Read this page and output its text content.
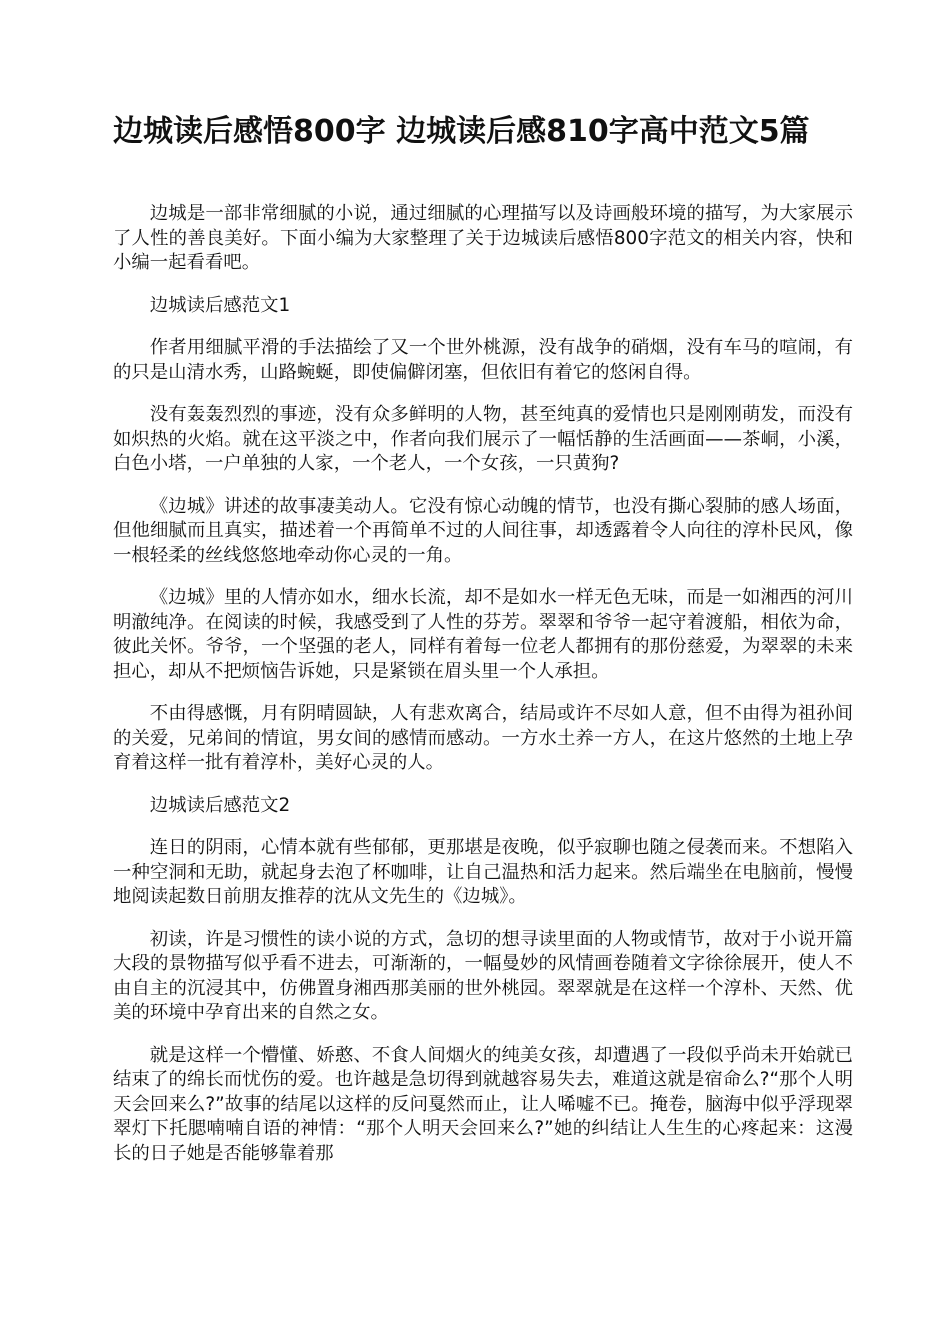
边城读后感悟800字 边城读后感810字高中范文5篇

边城是一部非常细腻的小说，通过细腻的心理描写以及诗画般环境的描写，为大家展示了人性的善良美好。下面小编为大家整理了关于边城读后感悟800字范文的相关内容，快和小编一起看看吧。

边城读后感范文1

作者用细腻平滑的手法描绘了又一个世外桃源，没有战争的硝烟，没有车马的喧闹，有的只是山清水秀，山路蜿蜒，即使偏僻闭塞，但依旧有着它的悠闲自得。

没有轰轰烈烈的事迹，没有众多鲜明的人物，甚至纯真的爱情也只是刚刚萌发，而没有如炽热的火焰。就在这平淡之中，作者向我们展示了一幅恬静的生活画面——茶峒，小溪，白色小塔，一户单独的人家，一个老人，一个女孩，一只黄狗?

《边城》讲述的故事凄美动人。它没有惊心动魄的情节，也没有撕心裂肺的感人场面，但他细腻而且真实，描述着一个再简单不过的人间往事，却透露着令人向往的淳朴民风，像一根轻柔的丝线悠悠地牵动你心灵的一角。

《边城》里的人情亦如水，细水长流，却不是如水一样无色无味，而是一如湘西的河川明澈纯净。在阅读的时候，我感受到了人性的芬芳。翠翠和爷爷一起守着渡船，相依为命，彼此关怀。爷爷，一个坚强的老人，同样有着每一位老人都拥有的那份慈爱，为翠翠的未来担心，却从不把烦恼告诉她，只是紧锁在眉头里一个人承担。

不由得感慨，月有阴晴圆缺，人有悲欢离合，结局或许不尽如人意，但不由得为祖孙间的关爱，兄弟间的情谊，男女间的感情而感动。一方水土养一方人，在这片悠然的土地上孕育着这样一批有着淳朴，美好心灵的人。

边城读后感范文2

连日的阴雨，心情本就有些郁郁，更那堪是夜晚，似乎寂聊也随之侵袭而来。不想陷入一种空洞和无助，就起身去泡了杯咖啡，让自己温热和活力起来。然后端坐在电脑前，慢慢地阅读起数日前朋友推荐的沈从文先生的《边城》。

初读，许是习惯性的读小说的方式，急切的想寻读里面的人物或情节，故对于小说开篇大段的景物描写似乎看不进去，可渐渐的，一幅曼妙的风情画卷随着文字徐徐展开，使人不由自主的沉浸其中，仿佛置身湘西那美丽的世外桃园。翠翠就是在这样一个淳朴、天然、优美的环境中孕育出来的自然之女。

就是这样一个懵懂、娇憨、不食人间烟火的纯美女孩，却遭遇了一段似乎尚未开始就已结束了的绵长而忧伤的爱。也许越是急切得到就越容易失去，难道这就是宿命么?“那个人明天会回来么?”故事的结尾以这样的反问戛然而止，让人唏嘘不已。掩卷，脑海中似乎浮现翠翠灯下托腮喃喃自语的神情：“那个人明天会回来么?”她的纠结让人生生的心疼起来：这漫长的日子她是否能够靠着那
